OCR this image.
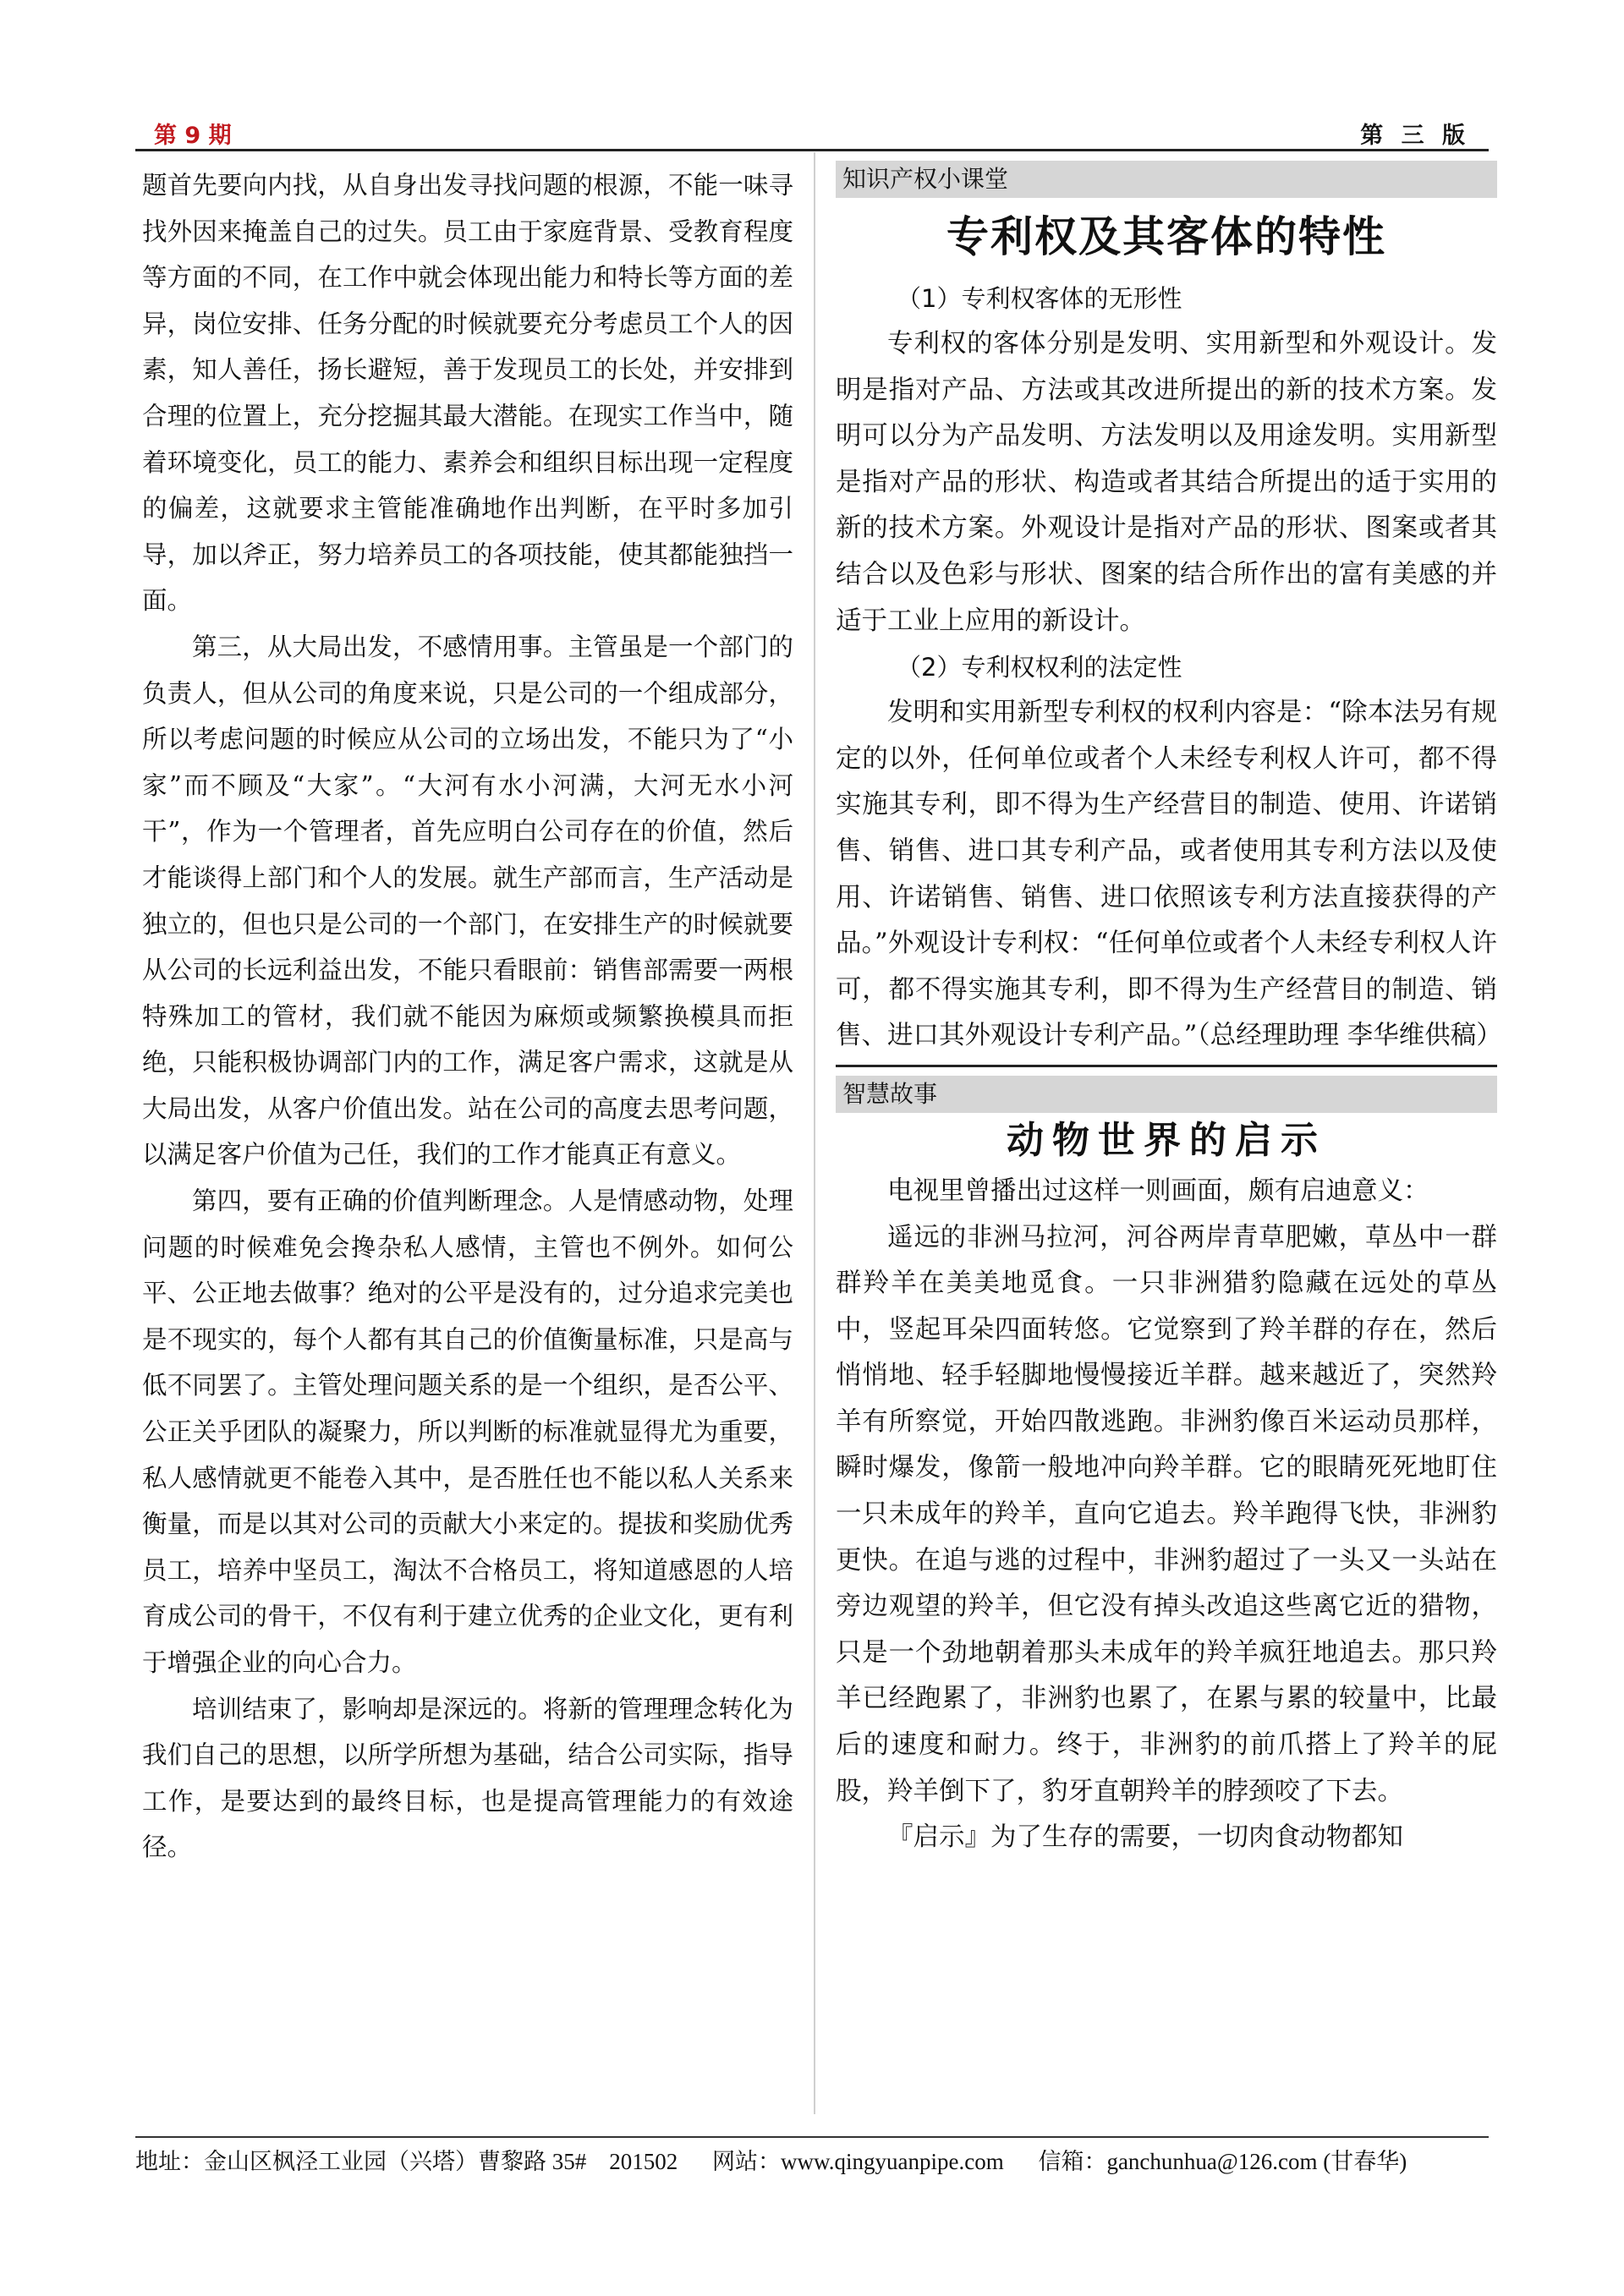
第 9 期	第 三 版

题首先要向内找，从自身出发寻找问题的根源，不能一味寻找外因来掩盖自己的过失。员工由于家庭背景、受教育程度等方面的不同，在工作中就会体现出能力和特长等方面的差异，岗位安排、任务分配的时候就要充分考虑员工个人的因素，知人善任，扬长避短，善于发现员工的长处，并安排到合理的位置上，充分挖掘其最大潜能。在现实工作当中，随着环境变化，员工的能力、素养会和组织目标出现一定程度的偏差，这就要求主管能准确地作出判断，在平时多加引导，加以斧正，努力培养员工的各项技能，使其都能独挡一面。

第三，从大局出发，不感情用事。主管虽是一个部门的负责人，但从公司的角度来说，只是公司的一个组成部分，所以考虑问题的时候应从公司的立场出发，不能只为了“小家”而不顾及“大家”。“大河有水小河满，大河无水小河干”，作为一个管理者，首先应明白公司存在的价值，然后才能谈得上部门和个人的发展。就生产部而言，生产活动是独立的，但也只是公司的一个部门，在安排生产的时候就要从公司的长远利益出发，不能只看眼前：销售部需要一两根特殊加工的管材，我们就不能因为麻烦或频繁换模具而拒绝，只能积极协调部门内的工作，满足客户需求，这就是从大局出发，从客户价值出发。站在公司的高度去思考问题，以满足客户价值为己任，我们的工作才能真正有意义。

第四，要有正确的价值判断理念。人是情感动物，处理问题的时候难免会搀杂私人感情，主管也不例外。如何公平、公正地去做事？绝对的公平是没有的，过分追求完美也是不现实的，每个人都有其自己的价值衡量标准，只是高与低不同罢了。主管处理问题关系的是一个组织，是否公平、公正关乎团队的凝聚力，所以判断的标准就显得尤为重要，私人感情就更不能卷入其中，是否胜任也不能以私人关系来衡量，而是以其对公司的贡献大小来定的。提拔和奖励优秀员工，培养中坚员工，淘汰不合格员工，将知道感恩的人培育成公司的骨干，不仅有利于建立优秀的企业文化，更有利于增强企业的向心合力。

培训结束了，影响却是深远的。将新的管理理念转化为我们自己的思想，以所学所想为基础，结合公司实际，指导工作，是要达到的最终目标，也是提高管理能力的有效途径。

知识产权小课堂
专利权及其客体的特性
（1）专利权客体的无形性

专利权的客体分别是发明、实用新型和外观设计。发明是指对产品、方法或其改进所提出的新的技术方案。发明可以分为产品发明、方法发明以及用途发明。实用新型是指对产品的形状、构造或者其结合所提出的适于实用的新的技术方案。外观设计是指对产品的形状、图案或者其结合以及色彩与形状、图案的结合所作出的富有美感的并适于工业上应用的新设计。

（2）专利权权利的法定性

发明和实用新型专利权的权利内容是：“除本法另有规定的以外，任何单位或者个人未经专利权人许可，都不得实施其专利，即不得为生产经营目的制造、使用、许诺销售、销售、进口其专利产品，或者使用其专利方法以及使用、许诺销售、销售、进口依照该专利方法直接获得的产品。”外观设计专利权：“任何单位或者个人未经专利权人许可，都不得实施其专利，即不得为生产经营目的制造、销售、进口其外观设计专利产品。”（总经理助理 李华维供稿）

智慧故事
动物世界的启示

电视里曾播出过这样一则画面，颇有启迪意义：

遥远的非洲马拉河，河谷两岸青草肥嫩，草丛中一群群羚羊在美美地觅食。一只非洲猎豹隐藏在远处的草丛中，竖起耳朵四面转悠。它觉察到了羚羊群的存在，然后悄悄地、轻手轻脚地慢慢接近羊群。越来越近了，突然羚羊有所察觉，开始四散逃跑。非洲豹像百米运动员那样，瞬时爆发，像箭一般地冲向羚羊群。它的眼睛死死地盯住一只未成年的羚羊，直向它追去。羚羊跑得飞快，非洲豹更快。在追与逃的过程中，非洲豹超过了一头又一头站在旁边观望的羚羊，但它没有掉头改追这些离它近的猎物，只是一个劲地朝着那头未成年的羚羊疯狂地追去。那只羚羊已经跑累了，非洲豹也累了，在累与累的较量中，比最后的速度和耐力。终于，非洲豹的前爪搭上了羚羊的屁股，羚羊倒下了，豹牙直朝羚羊的脖颈咬了下去。

『启示』为了生存的需要，一切肉食动物都知

地址：金山区枫泾工业园（兴塔）曹黎路 35#　201502 网站：www.qingyuanpipe.com 信箱：ganchunhua@126.com (甘春华)
